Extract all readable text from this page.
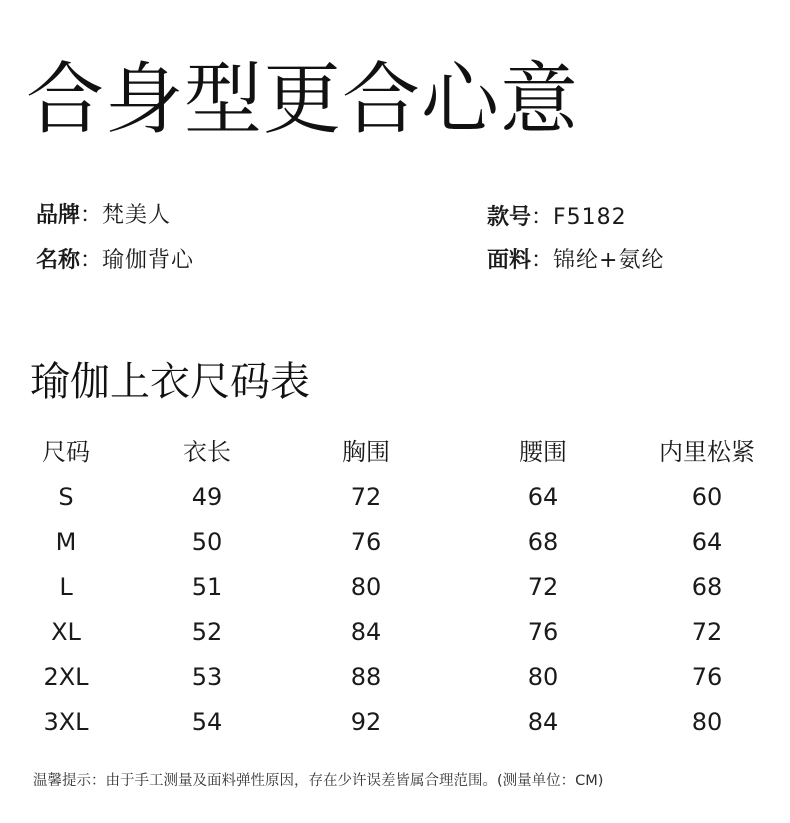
合身型更合心意
品牌：梵美人
名称：瑜伽背心
款号：F5182
面料：锦纶+氨纶
瑜伽上衣尺码表
尺码	衣长	胸围	腰围	内里松紧
S	49	72	64	60
M	50	76	68	64
L	51	80	72	68
XL	52	84	76	72
2XL	53	88	80	76
3XL	54	92	84	80
温馨提示：由于手工测量及面料弹性原因，存在少许误差皆属合理范围。(测量单位：CM)
